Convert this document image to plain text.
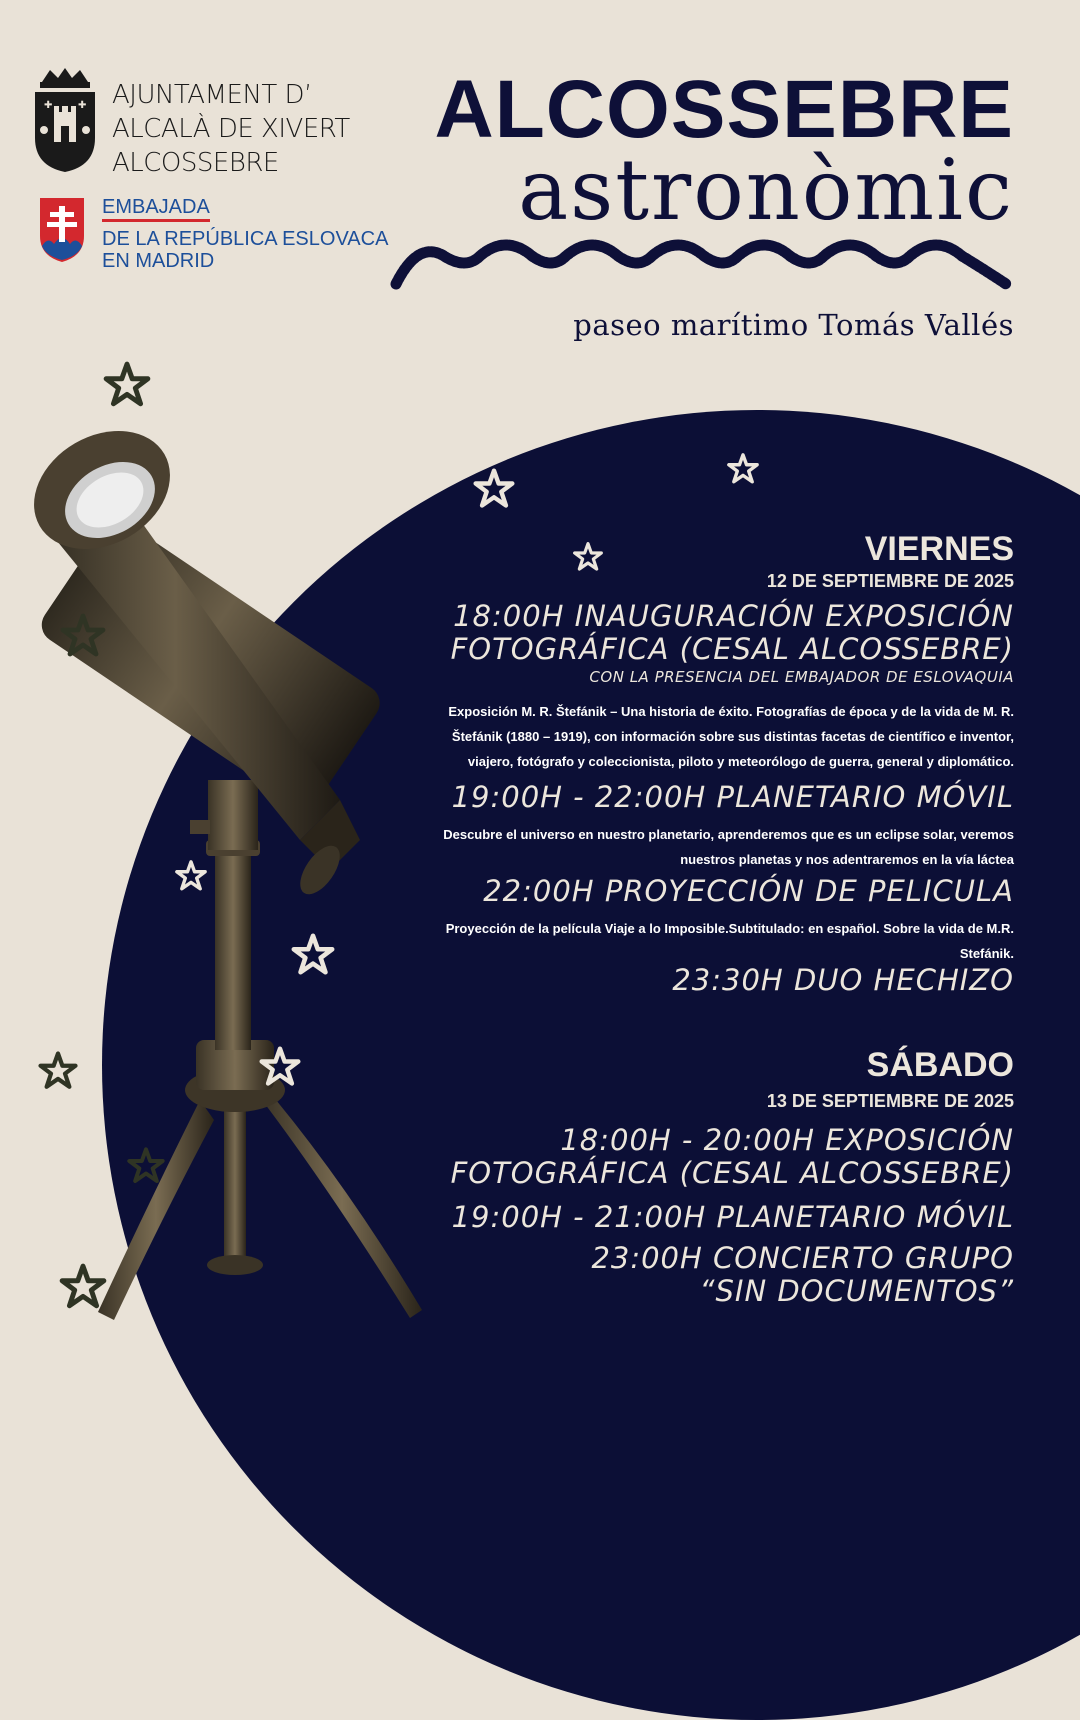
✚	✚ AJUNTAMENT D’
ALCALÀ DE XIVERT
ALCOSSEBRE
EMBAJADA
DE LA REPÚBLICA ESLOVACA
EN MADRID
ALCOSSEBRE
astronòmic
paseo marítimo Tomás Vallés
VIERNES
12 DE SEPTIEMBRE DE 2025
18:00H INAUGURACIÓN EXPOSICIÓN
FOTOGRÁFICA (CESAL ALCOSSEBRE)
CON LA PRESENCIA DEL EMBAJADOR DE ESLOVAQUIA
Exposición M. R. Štefánik – Una historia de éxito. Fotografías de época y de la vida de M. R.
Štefánik (1880 – 1919), con información sobre sus distintas facetas de científico e inventor,
viajero, fotógrafo y coleccionista, piloto y meteorólogo de guerra, general y diplomático.
19:00H - 22:00H PLANETARIO MÓVIL
Descubre el universo en nuestro planetario, aprenderemos que es un eclipse solar, veremos
nuestros planetas y nos adentraremos en la vía láctea
22:00H PROYECCIÓN DE PELICULA
Proyección de la película Viaje a lo Imposible.Subtitulado: en español. Sobre la vida de M.R.
Stefánik.
23:30H DUO HECHIZO
SÁBADO
13 DE SEPTIEMBRE DE 2025
18:00H - 20:00H EXPOSICIÓN
FOTOGRÁFICA (CESAL ALCOSSEBRE)
19:00H - 21:00H PLANETARIO MÓVIL
23:00H CONCIERTO GRUPO
“SIN DOCUMENTOS”
